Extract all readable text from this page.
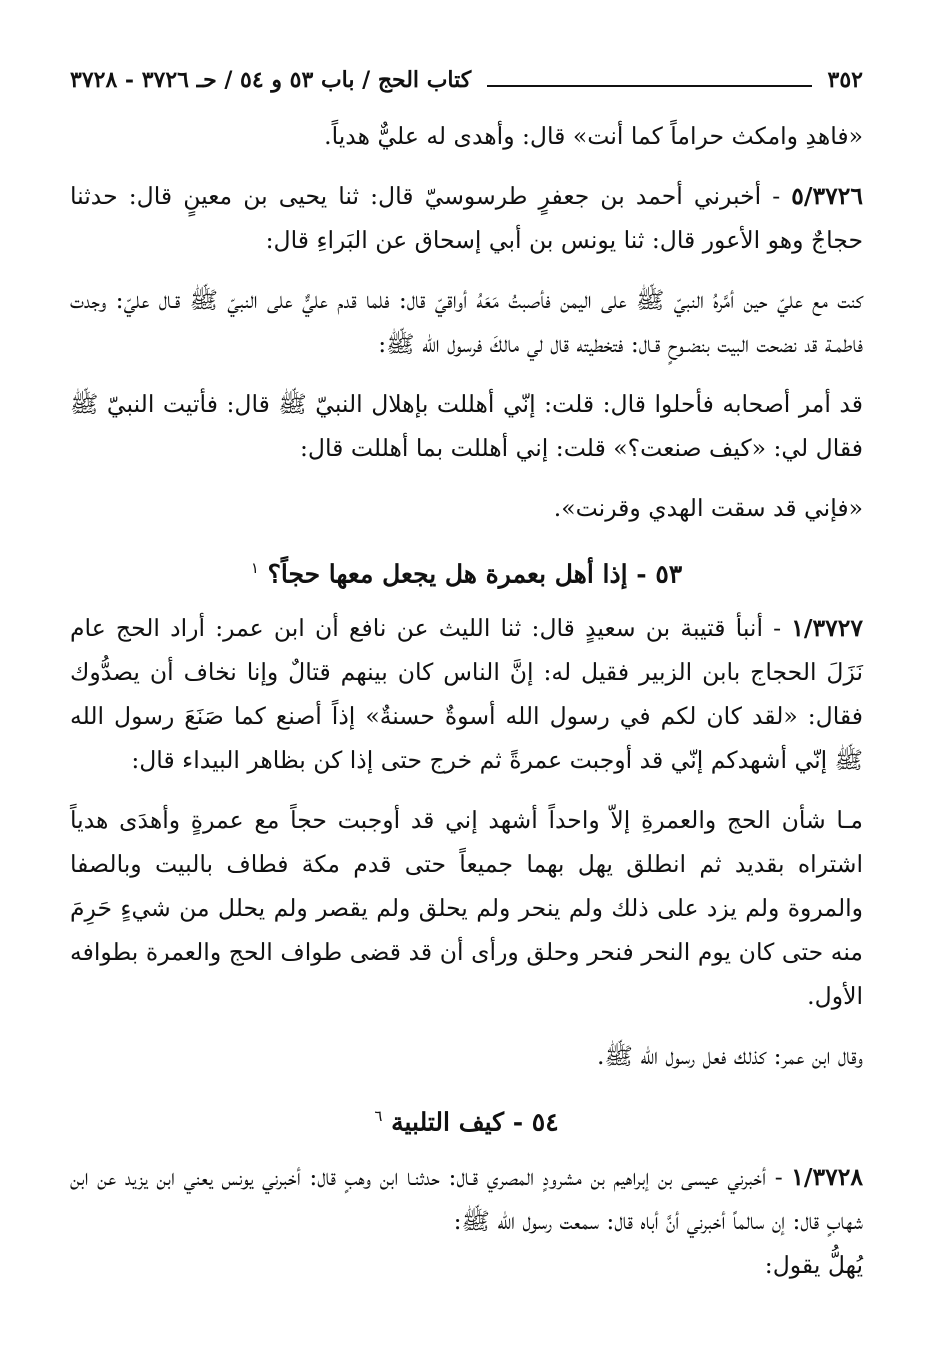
٣٥٢
كتاب الحج / باب ٥٣ و ٥٤ / حـ ٣٧٢٦ - ٣٧٢٨

«فاهدِ وامكث حراماً كما أنت» قال: وأهدى له عليٌّ هدياً.

٥/٣٧٢٦ - أخبرني أحمد بن جعفرٍ طرسوسيّ قال: ثنا يحيى بن معينٍ قال: حدثنا حجاجٌ وهو الأعور قال: ثنا يونس بن أبي إسحاق عن البَراءِ قال:

كنت مع عليّ حين أمَّرهُ النبيّ ﷺ على اليمن فأصبتُ مَعَهُ أواقيّ قال: فلما قدم عليٌّ على النبيّ ﷺ قـال عليّ: وجدت فاطمـة قد نضحت البيت بنضـوحٍ قـال: فتخطيته قال لي مالكَ فرسول الله ﷺ:

قد أمر أصحابه فأحلوا قال: قلت: إنّي أهللت بإهلال النبيّ ﷺ قال: فأتيت النبيّ ﷺ فقال لي: «كيف صنعت؟» قلت: إني أهللت بما أهللت قال:

«فإني قد سقت الهدي وقرنت».

٥٣ - إذا أهل بعمرة هل يجعل معها حجاً؟ $^١$

١/٣٧٢٧ - أنبأ قتيبة بن سعيدٍ قال: ثنا الليث عن نافع أن ابن عمر: أراد الحج عام نَزَلَ الحجاج بابن الزبير فقيل له: إنَّ الناس كان بينهم قتالٌ وإنا نخاف أن يصدُّوك فقال: «لقد كان لكم في رسول الله أسوةٌ حسنةٌ» إذاً أصنع كما صَنَعَ رسول الله ﷺ إنّي أشهدكم إنّي قد أوجبت عمرةً ثم خرج حتى إذا كن بظاهر البيداء قال:

مـا شأن الحج والعمرةِ إلاّ واحداً أشهد إني قد أوجبت حجاً مع عمرةٍ وأهدَى هدياً اشتراه بقديد ثم انطلق يهل بهما جميعاً حتى قدم مكة فطاف بالبيت وبالصفا والمروة ولم يزد على ذلك ولم ينحر ولم يحلق ولم يقصر ولم يحلل من شيءٍ حَرِمَ منه حتى كان يوم النحر فنحر وحلق ورأى أن قد قضى طواف الحج والعمرة بطوافه الأول.

وقال ابن عمر: كذلك فعل رسول الله ﷺ.

٥٤ - كيف التلبية $^٦$

١/٣٧٢٨ - أخبرني عيسى بن إبراهيم بن مشرودٍ المصري قـال: حدثنـا ابن وهبٍ قال: أخبرني يونس يعني ابن يزيد عن ابن شهابٍ قال: إن سالماً أخبرني أنَّ أباه قال: سمعت رسول الله ﷺ:

يُهلُّ يقول:
